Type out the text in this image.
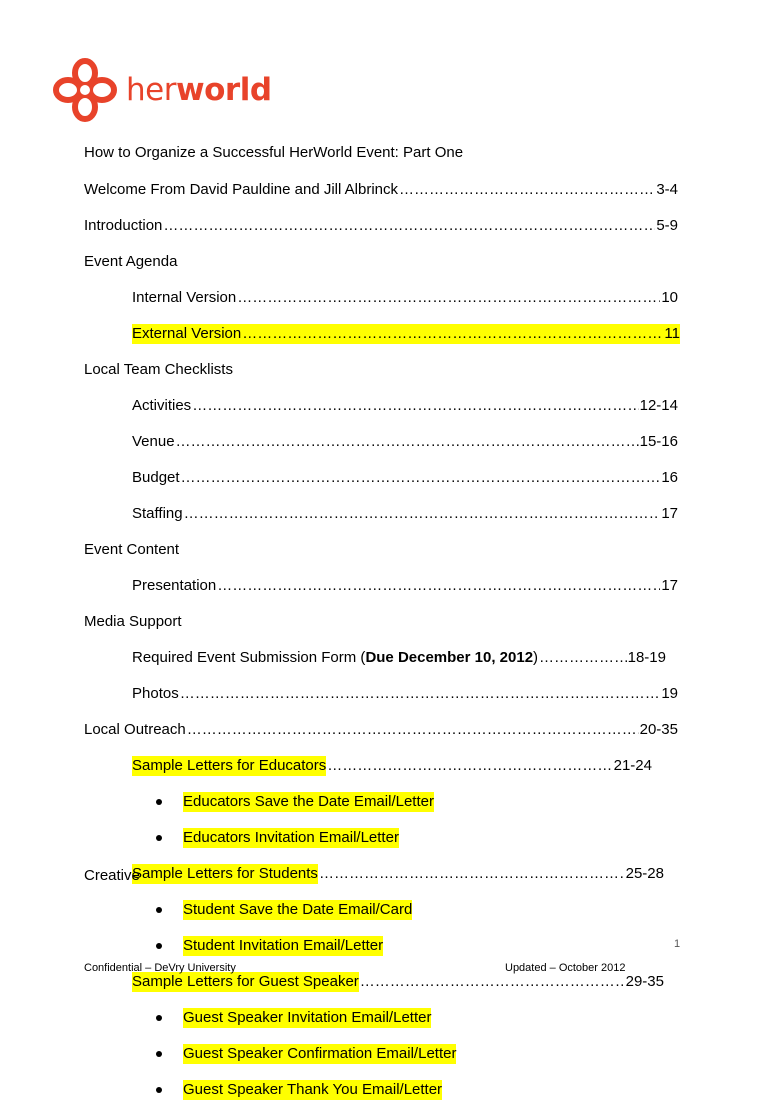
herworld
How to Organize a Successful HerWorld Event: Part One
Welcome From David Pauldine and Jill Albrinck …………………………………………………………………………………………………………………………………………………………	3-4
Introduction …………………………………………………………………………………………………………………………………………………………	5-9
Event Agenda
Internal Version …………………………………………………………………………………………………………………………………………………………	10
External Version …………………………………………………………………………………………………………………………………………………………	11
Local Team Checklists
Activities …………………………………………………………………………………………………………………………………………………………	12-14
Venue …………………………………………………………………………………………………………………………………………………………	15-16
Budget …………………………………………………………………………………………………………………………………………………………	16
Staffing …………………………………………………………………………………………………………………………………………………………	17
Event Content
Presentation …………………………………………………………………………………………………………………………………………………………	17
Media Support
Required Event Submission Form (Due December 10, 2012) …………………………………………………………………………………………………………………………………………………………	18-19
Photos …………………………………………………………………………………………………………………………………………………………	19
Local Outreach …………………………………………………………………………………………………………………………………………………………	20-35
Sample Letters for Educators …………………………………………………………………………………………………………………………………………………………	21-24
Educators Save the Date Email/Letter
Educators Invitation Email/Letter
Sample Letters for Students …………………………………………………………………………………………………………………………………………………………	25-28
Student Save the Date Email/Card
Student Invitation Email/Letter
Sample Letters for Guest Speaker …………………………………………………………………………………………………………………………………………………………	29-35
Guest Speaker Invitation Email/Letter
Guest Speaker Confirmation Email/Letter
Guest Speaker Thank You Email/Letter
Creative
1
Confidential – DeVry University	Updated – October 2012
